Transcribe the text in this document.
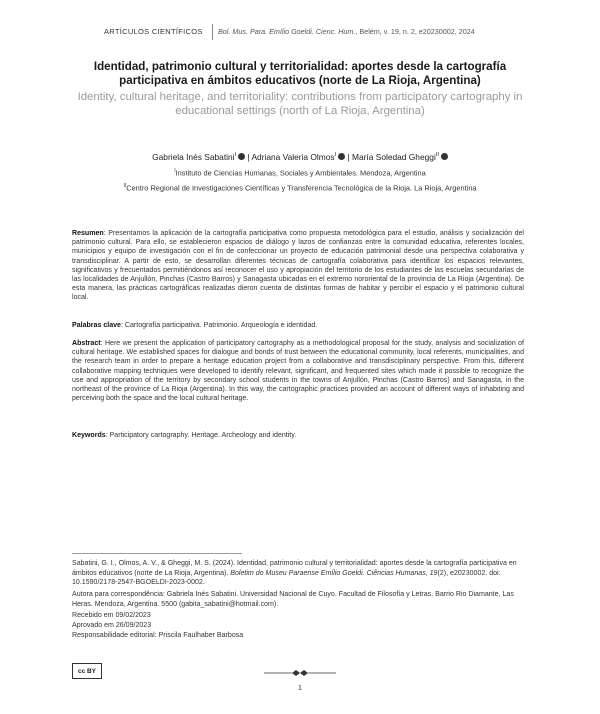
ARTÍCULOS CIENTÍFICOS Bol. Mus. Para. Emílio Goeldi. Cienc. Hum., Belém, v. 19, n. 2, e20230002, 2024
Identidad, patrimonio cultural y territorialidad: aportes desde la cartografía participativa en ámbitos educativos (norte de La Rioja, Argentina)
Identity, cultural heritage, and territoriality: contributions from participatory cartography in educational settings (north of La Rioja, Argentina)
Gabriela Inés Sabatini$^I$ | Adriana Valeria Olmos$^I$ | María Soledad Gheggi$^{II}$
$^I$Instituto de Ciencias Humanas, Sociales y Ambientales. Mendoza, Argentina
$^{II}$Centro Regional de Investigaciones Científicas y Transferencia Tecnológica de la Rioja. La Rioja, Argentina
Resumen: Presentamos la aplicación de la cartografía participativa como propuesta metodológica para el estudio, análisis y socialización del patrimonio cultural. Para ello, se establecieron espacios de diálogo y lazos de confianzas entre la comunidad educativa, referentes locales, municipios y equipo de investigación con el fin de confeccionar un proyecto de educación patrimonial desde una perspectiva colaborativa y transdisciplinar. A partir de esto, se desarrollan diferentes técnicas de cartografía colaborativa para identificar los espacios relevantes, significativos y frecuentados permitiéndonos así reconocer el uso y apropiación del territorio de los estudiantes de las escuelas secundarias de las localidades de Anjullón, Pinchas (Castro Barros) y Sanagasta ubicadas en el extremo nororiental de la provincia de La Rioja (Argentina). De esta manera, las prácticas cartográficas realizadas dieron cuenta de distintas formas de habitar y percibir el espacio y el patrimonio cultural local.
Palabras clave: Cartografía participativa. Patrimonio. Arqueología e identidad.
Abstract: Here we present the application of participatory cartography as a methodological proposal for the study, analysis and socialization of cultural heritage. We established spaces for dialogue and bonds of trust between the educational community, local referents, municipalities, and the research team in order to prepare a heritage education project from a collaborative and transdisciplinary perspective. From this, different collaborative mapping techniques were developed to identify relevant, significant, and frequented sites which made it possible to recognize the use and appropriation of the territory by secondary school students in the towns of Anjullón, Pinchas (Castro Barros) and Sanagasta, in the northeast of the province of La Rioja (Argentina). In this way, the cartographic practices provided an account of different ways of inhabiting and perceiving both the space and the local cultural heritage.
Keywords: Participatory cartography. Heritage. Archeology and identity.
Sabatini, G. I., Olmos, A. V., & Gheggi, M. S. (2024). Identidad, patrimonio cultural y territorialidad: aportes desde la cartografía participativa en ámbitos educativos (norte de La Rioja, Argentina). Boletim do Museu Paraense Emílio Goeldi. Ciências Humanas, 19(2), e20230002. doi: 10.1590/2178-2547-BGOELDI-2023-0002.
Autora para correspondência: Gabriela Inés Sabatini. Universidad Nacional de Cuyo. Facultad de Filosofía y Letras. Barrio Rio Diamante, Las Heras. Mendoza, Argentina. 5500 (gabita_sabatini@hotmail.com).
Recebido em 09/02/2023
Aprovado em 26/09/2023
Responsabilidade editorial: Priscila Faulhaber Barbosa
cc BY
1
